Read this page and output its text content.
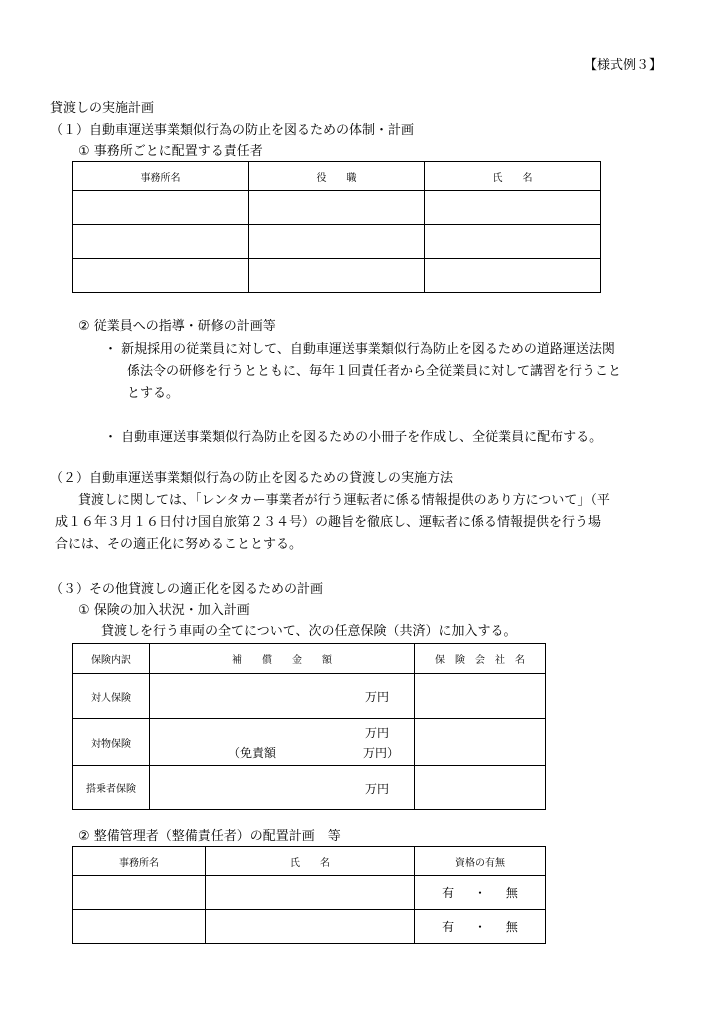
【様式例３】
貸渡しの実施計画
（１）自動車運送事業類似行為の防止を図るための体制・計画
① 事務所ごとに配置する責任者
事務所名	役　　職	氏　　名

② 従業員への指導・研修の計画等
・ 新規採用の従業員に対して、自動車運送事業類似行為防止を図るための道路運送法関
係法令の研修を行うとともに、毎年１回責任者から全従業員に対して講習を行うこと
とする。
・ 自動車運送事業類似行為防止を図るための小冊子を作成し、全従業員に配布する。
（２）自動車運送事業類似行為の防止を図るための貸渡しの実施方法
貸渡しに関しては、「レンタカー事業者が行う運転者に係る情報提供のあり方について」（平
成１６年３月１６日付け国自旅第２３４号）の趣旨を徹底し、運転者に係る情報提供を行う場
合には、その適正化に努めることとする。
（３）その他貸渡しの適正化を図るための計画
① 保険の加入状況・加入計画
貸渡しを行う車両の全てについて、次の任意保険（共済）に加入する。
保険内訳	補　　償　　金　　額	保　険　会　社　名
対人保険	万円	

対物保険	万円
（免責額 万円）	

搭乗者保険	万円	

② 整備管理者（整備責任者）の配置計画　等
事務所名	氏　　名	資格の有無
		有 ・ 無
		有 ・ 無
